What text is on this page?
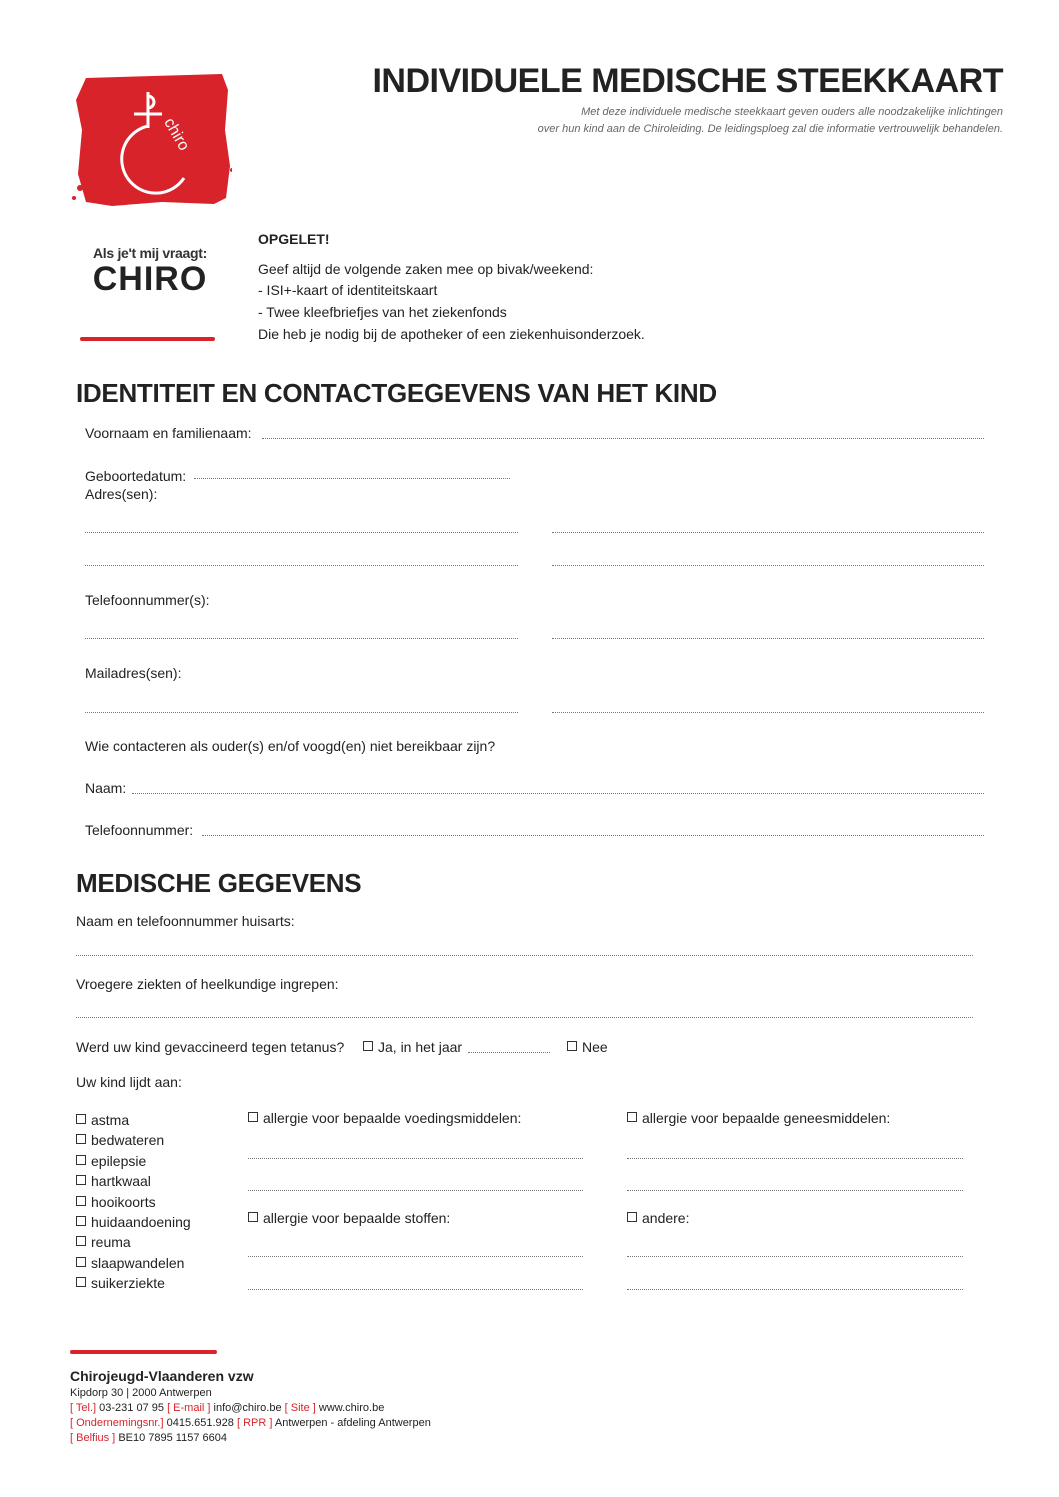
chiro
Als je't mij vraagt:
CHIRO
INDIVIDUELE MEDISCHE STEEKKAART
Met deze individuele medische steekkaart geven ouders alle noodzakelijke inlichtingen
over hun kind aan de Chiroleiding. De leidingsploeg zal die informatie vertrouwelijk behandelen.

OPGELET!

Geef altijd de volgende zaken mee op bivak/weekend:

- ISI+-kaart of identiteitskaart

- Twee kleefbriefjes van het ziekenfonds

Die heb je nodig bij de apotheker of een ziekenhuisonderzoek.

IDENTITEIT EN CONTACTGEGEVENS VAN HET KIND
Voornaam en familienaam:
Geboortedatum:
Adres(sen):
Telefoonnummer(s):
Mailadres(sen):
Wie contacteren als ouder(s) en/of voogd(en) niet bereikbaar zijn?
Naam:
Telefoonnummer:
MEDISCHE GEGEVENS
Naam en telefoonnummer huisarts:
Vroegere ziekten of heelkundige ingrepen:
Werd uw kind gevaccineerd tegen tetanus?	Ja, in het jaar	Nee
Uw kind lijdt aan:
astma
bedwateren
epilepsie
hartkwaal
hooikoorts
huidaandoening
reuma
slaapwandelen
suikerziekte
allergie voor bepaalde voedingsmiddelen:	allergie voor bepaalde geneesmiddelen:
allergie voor bepaalde stoffen:	andere:
Chirojeugd-Vlaanderen vzw
Kipdorp 30 | 2000 Antwerpen
[ Tel.] 03-231 07 95 [ E-mail ] info@chiro.be [ Site ] www.chiro.be
[ Ondernemingsnr.] 0415.651.928 [ RPR ] Antwerpen - afdeling Antwerpen
[ Belfius ] BE10 7895 1157 6604
